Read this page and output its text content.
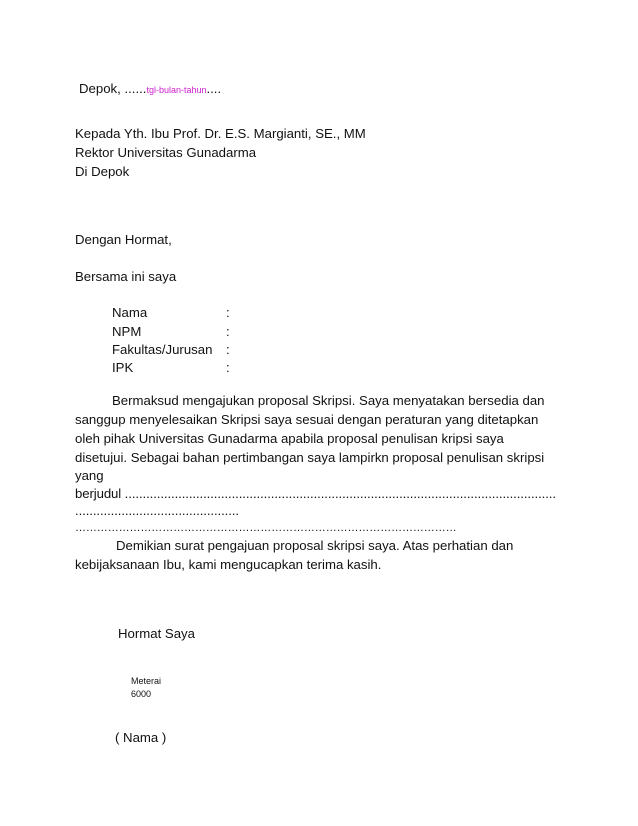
Depok, ......tgl-bulan-tahun....
Kepada Yth. Ibu Prof. Dr. E.S. Margianti, SE., MM
Rektor Universitas Gunadarma
Di Depok
Dengan Hormat,
Bersama ini saya
Nama	:
NPM	:
Fakultas/Jurusan :
IPK	:
Bermaksud mengajukan proposal Skripsi. Saya menyatakan bersedia dan
sanggup menyelesaikan Skripsi saya sesuai dengan peraturan yang ditetapkan
oleh pihak Universitas Gunadarma apabila proposal penulisan kripsi saya
disetujui. Sebagai bahan pertimbangan saya lampirkn proposal penulisan skripsi
yang
berjudul .........................................................................................................................
..............................................
……………………………………………………………………………………………
Demikian surat pengajuan proposal skripsi saya. Atas perhatian dan
kebijaksanaan Ibu, kami mengucapkan terima kasih.
Hormat Saya
Meterai
6000
( Nama )
